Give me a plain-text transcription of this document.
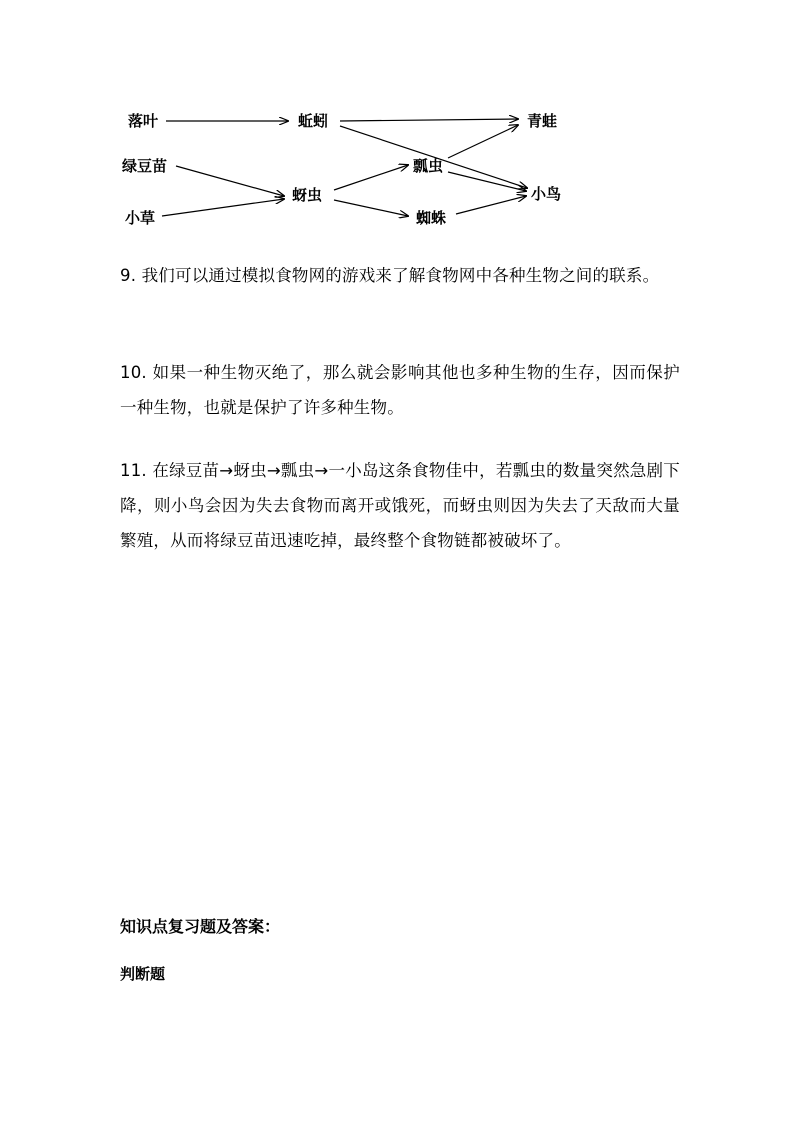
落叶	蚯蚓	青蛙
绿豆苗	瓢虫
蚜虫	小鸟
小草	蜘蛛
9. 我们可以通过模拟食物网的游戏来了解食物网中各种生物之间的联系。
10. 如果一种生物灭绝了，那么就会影响其他也多种生物的生存，因而保护一种生物，也就是保护了许多种生物。
11. 在绿豆苗→蚜虫→瓢虫→一小岛这条食物佳中，若瓢虫的数量突然急剧下降，则小鸟会因为失去食物而离开或饿死，而蚜虫则因为失去了天敌而大量繁殖，从而将绿豆苗迅速吃掉，最终整个食物链都被破坏了。
知识点复习题及答案：
判断题
